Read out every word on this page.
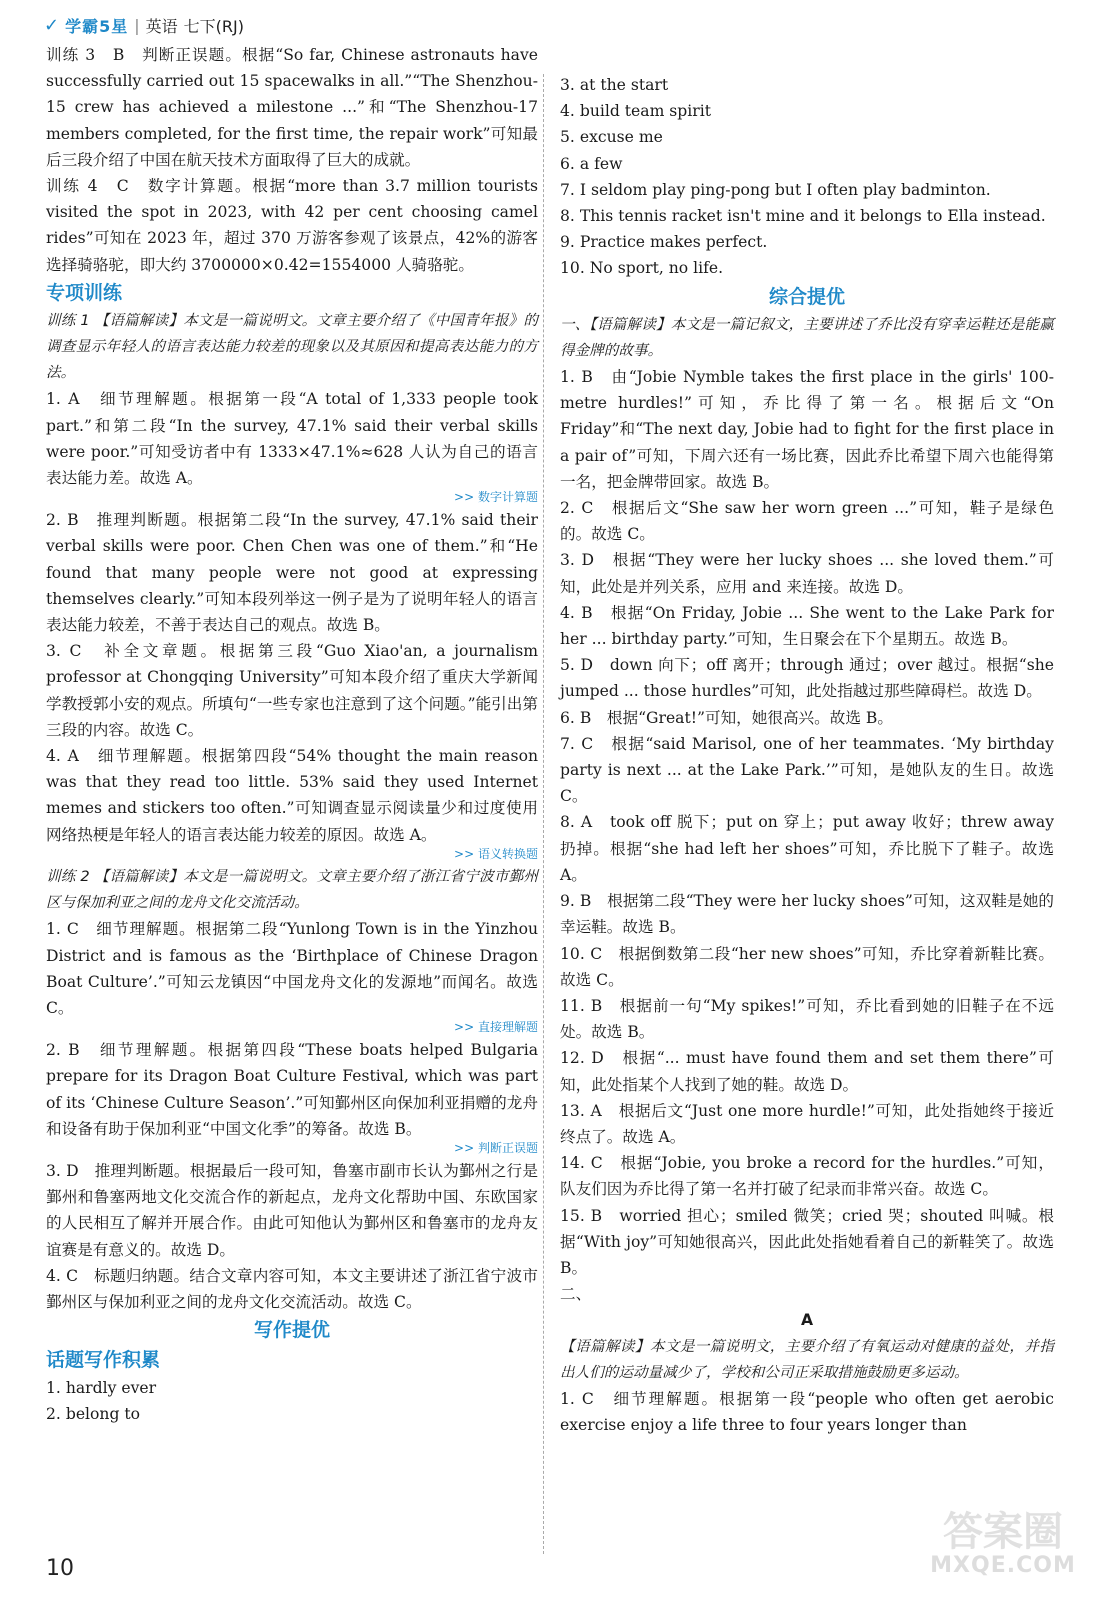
✓ 学霸5星 | 英语 七下(RJ)

训练 3　B　判断正误题。根据“So far, Chinese astronauts have successfully carried out 15 spacewalks in all.”“The Shenzhou-15 crew has achieved a milestone ...”和“The Shenzhou-17 members completed, for the first time, the repair work”可知最后三段介绍了中国在航天技术方面取得了巨大的成就。

训练 4　C　数字计算题。根据“more than 3.7 million tourists visited the spot in 2023, with 42 per cent choosing camel rides”可知在 2023 年，超过 370 万游客参观了该景点，42%的游客选择骑骆驼，即大约 3700000×0.42=1554000 人骑骆驼。

专项训练

训练 1 【语篇解读】本文是一篇说明文。文章主要介绍了《中国青年报》的调查显示年轻人的语言表达能力较差的现象以及其原因和提高表达能力的方法。

1. A　细节理解题。根据第一段“A total of 1,333 people took part.”和第二段“In the survey, 47.1% said their verbal skills were poor.”可知受访者中有 1333×47.1%≈628 人认为自己的语言表达能力差。故选 A。

>> 数字计算题

2. B　推理判断题。根据第二段“In the survey, 47.1% said their verbal skills were poor. Chen Chen was one of them.”和“He found that many people were not good at expressing themselves clearly.”可知本段列举这一例子是为了说明年轻人的语言表达能力较差，不善于表达自己的观点。故选 B。

3. C　补全文章题。根据第三段“Guo Xiao'an, a journalism professor at Chongqing University”可知本段介绍了重庆大学新闻学教授郭小安的观点。所填句“一些专家也注意到了这个问题。”能引出第三段的内容。故选 C。

4. A　细节理解题。根据第四段“54% thought the main reason was that they read too little. 53% said they used Internet memes and stickers too often.”可知调查显示阅读量少和过度使用网络热梗是年轻人的语言表达能力较差的原因。故选 A。

>> 语义转换题

训练 2 【语篇解读】本文是一篇说明文。文章主要介绍了浙江省宁波市鄞州区与保加利亚之间的龙舟文化交流活动。

1. C　细节理解题。根据第二段“Yunlong Town is in the Yinzhou District and is famous as the ‘Birthplace of Chinese Dragon Boat Culture’.”可知云龙镇因“中国龙舟文化的发源地”而闻名。故选 C。

>> 直接理解题

2. B　细节理解题。根据第四段“These boats helped Bulgaria prepare for its Dragon Boat Culture Festival, which was part of its ‘Chinese Culture Season’.”可知鄞州区向保加利亚捐赠的龙舟和设备有助于保加利亚“中国文化季”的筹备。故选 B。

>> 判断正误题

3. D　推理判断题。根据最后一段可知，鲁塞市副市长认为鄞州之行是鄞州和鲁塞两地文化交流合作的新起点，龙舟文化帮助中国、东欧国家的人民相互了解并开展合作。由此可知他认为鄞州区和鲁塞市的龙舟友谊赛是有意义的。故选 D。

4. C　标题归纳题。结合文章内容可知，本文主要讲述了浙江省宁波市鄞州区与保加利亚之间的龙舟文化交流活动。故选 C。

写作提优
话题写作积累

1. hardly ever

2. belong to

3. at the start

4. build team spirit

5. excuse me

6. a few

7. I seldom play ping-pong but I often play badminton.

8. This tennis racket isn't mine and it belongs to Ella instead.

9. Practice makes perfect.

10. No sport, no life.

综合提优

一、【语篇解读】本文是一篇记叙文，主要讲述了乔比没有穿幸运鞋还是能赢得金牌的故事。

1. B　由“Jobie Nymble takes the first place in the girls' 100-metre hurdles!”可知，乔比得了第一名。根据后文“On Friday”和“The next day, Jobie had to fight for the first place in a pair of”可知，下周六还有一场比赛，因此乔比希望下周六也能得第一名，把金牌带回家。故选 B。

2. C　根据后文“She saw her worn green ...”可知，鞋子是绿色的。故选 C。

3. D　根据“They were her lucky shoes ... she loved them.”可知，此处是并列关系，应用 and 来连接。故选 D。

4. B　根据“On Friday, Jobie ... She went to the Lake Park for her ... birthday party.”可知，生日聚会在下个星期五。故选 B。

5. D　down 向下；off 离开；through 通过；over 越过。根据“she jumped ... those hurdles”可知，此处指越过那些障碍栏。故选 D。

6. B　根据“Great!”可知，她很高兴。故选 B。

7. C　根据“said Marisol, one of her teammates. ‘My birthday party is next ... at the Lake Park.’”可知，是她队友的生日。故选 C。

8. A　took off 脱下；put on 穿上；put away 收好；threw away 扔掉。根据“she had left her shoes”可知，乔比脱下了鞋子。故选 A。

9. B　根据第二段“They were her lucky shoes”可知，这双鞋是她的幸运鞋。故选 B。

10. C　根据倒数第二段“her new shoes”可知，乔比穿着新鞋比赛。故选 C。

11. B　根据前一句“My spikes!”可知，乔比看到她的旧鞋子在不远处。故选 B。

12. D　根据“... must have found them and set them there”可知，此处指某个人找到了她的鞋。故选 D。

13. A　根据后文“Just one more hurdle!”可知，此处指她终于接近终点了。故选 A。

14. C　根据“Jobie, you broke a record for the hurdles.”可知，队友们因为乔比得了第一名并打破了纪录而非常兴奋。故选 C。

15. B　worried 担心；smiled 微笑；cried 哭；shouted 叫喊。根据“With joy”可知她很高兴，因此此处指她看着自己的新鞋笑了。故选 B。

二、

A

【语篇解读】本文是一篇说明文，主要介绍了有氧运动对健康的益处，并指出人们的运动量减少了，学校和公司正采取措施鼓励更多运动。

1. C　细节理解题。根据第一段“people who often get aerobic exercise enjoy a life three to four years longer than

10
答案圈
MXQE.COM
